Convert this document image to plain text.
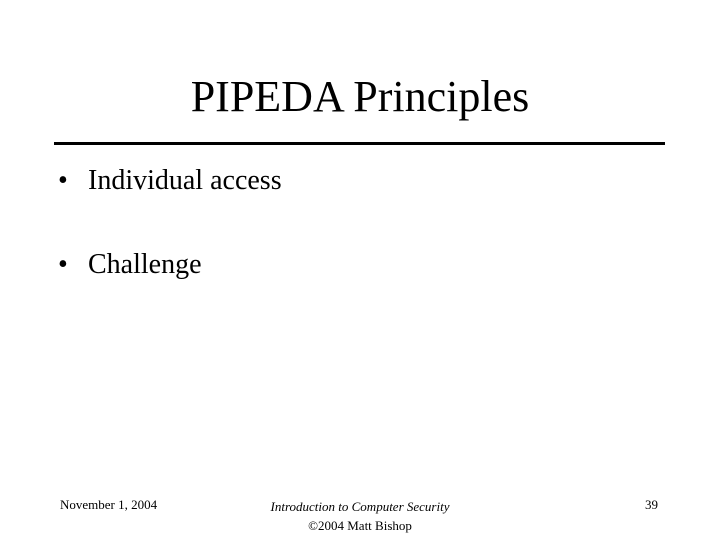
PIPEDA Principles
• Individual access
• Challenge
November 1, 2004	Introduction to Computer Security
©2004 Matt Bishop
39
